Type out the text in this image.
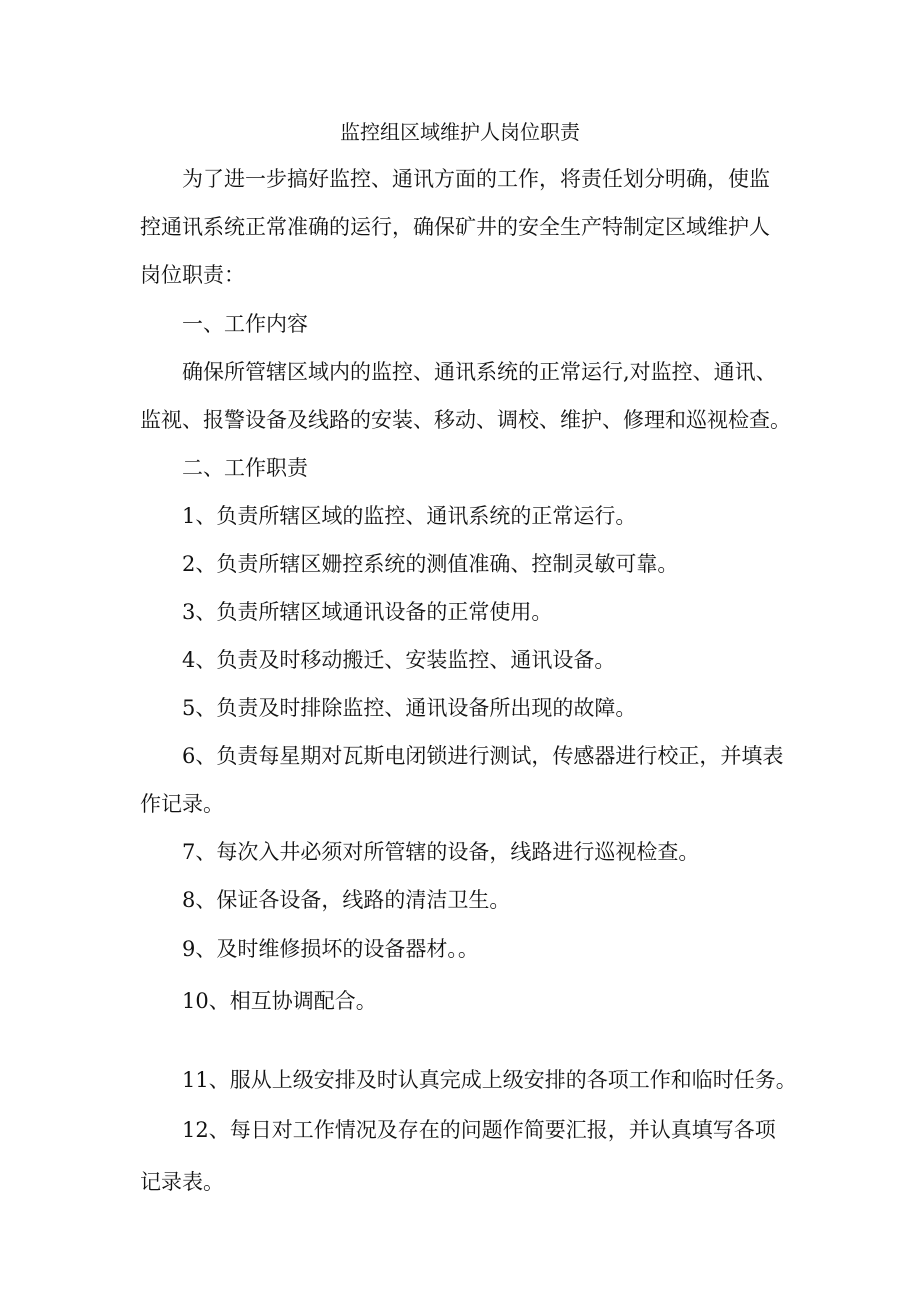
监控组区域维护人岗位职责

为了进一步搞好监控、通讯方面的工作，将责任划分明确，使监

控通讯系统正常准确的运行，确保矿井的安全生产特制定区域维护人

岗位职责：

一、工作内容

确保所管辖区域内的监控、通讯系统的正常运行,对监控、通讯、

监视、报警设备及线路的安装、移动、调校、维护、修理和巡视检查。

二、工作职责

1、负责所辖区域的监控、通讯系统的正常运行。

2、负责所辖区姗控系统的测值准确、控制灵敏可靠。

3、负责所辖区域通讯设备的正常使用。

4、负责及时移动搬迁、安装监控、通讯设备。

5、负责及时排除监控、通讯设备所出现的故障。

6、负责每星期对瓦斯电闭锁进行测试，传感器进行校正，并填表

作记录。

7、每次入井必须对所管辖的设备，线路进行巡视检查。

8、保证各设备，线路的清洁卫生。

9、及时维修损坏的设备器材。。

10、相互协调配合。

11、服从上级安排及时认真完成上级安排的各项工作和临时任务。

12、每日对工作情况及存在的问题作简要汇报，并认真填写各项

记录表。
